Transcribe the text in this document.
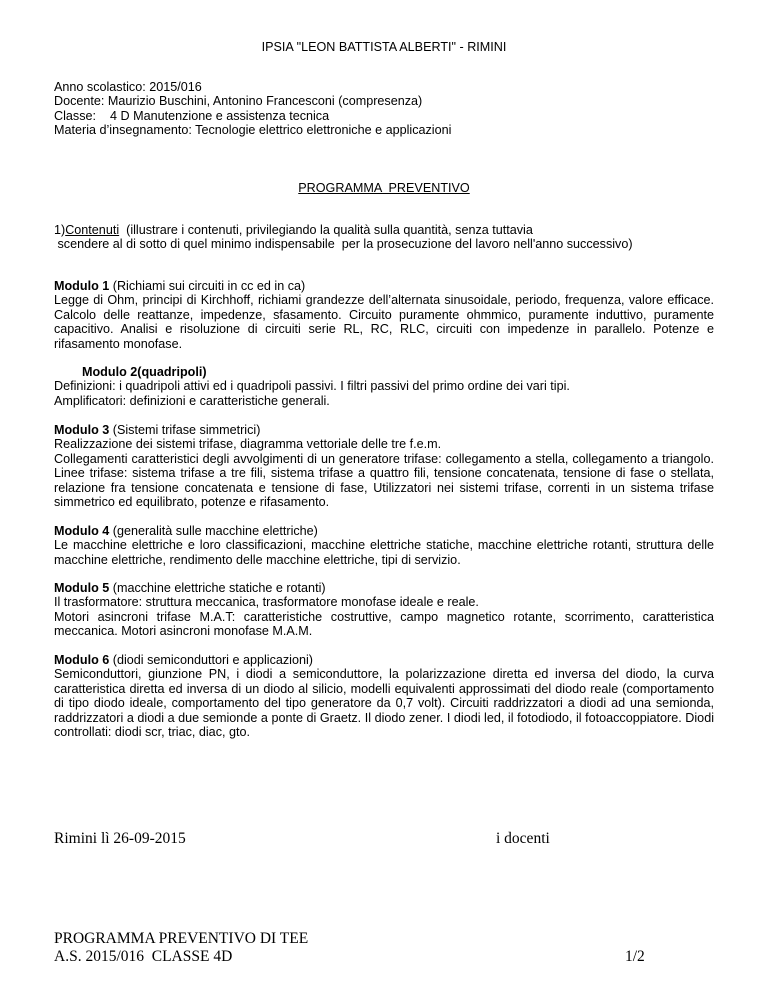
IPSIA "LEON BATTISTA ALBERTI" - RIMINI

Anno scolastico: 2015/016

Docente: Maurizio Buschini, Antonino Francesconi (compresenza)

Classe:    4 D Manutenzione e assistenza tecnica

Materia d’insegnamento: Tecnologie elettrico elettroniche e applicazioni

PROGRAMMA  PREVENTIVO

1)Contenuti  (illustrare i contenuti, privilegiando la qualità sulla quantità, senza tuttavia

scendere al di sotto di quel minimo indispensabile  per la prosecuzione del lavoro nell'anno successivo)

Modulo 1 (Richiami sui circuiti in cc ed in ca)

Legge di Ohm, principi di Kirchhoff, richiami grandezze dell’alternata sinusoidale, periodo, frequenza, valore efficace. Calcolo delle reattanze, impedenze, sfasamento. Circuito puramente ohmmico, puramente induttivo, puramente capacitivo. Analisi e risoluzione di circuiti serie RL, RC, RLC, circuiti con impedenze in parallelo. Potenze e rifasamento monofase.

Modulo 2(quadripoli)

Definizioni: i quadripoli attivi ed i quadripoli passivi. I filtri passivi del primo ordine dei vari tipi.

Amplificatori: definizioni e caratteristiche generali.

Modulo 3 (Sistemi trifase simmetrici)

Realizzazione dei sistemi trifase, diagramma vettoriale delle tre f.e.m.

Collegamenti caratteristici degli avvolgimenti di un generatore trifase: collegamento a stella, collegamento a triangolo. Linee trifase: sistema trifase a tre fili, sistema trifase a quattro fili, tensione concatenata, tensione di fase o stellata, relazione fra tensione concatenata e tensione di fase, Utilizzatori nei sistemi trifase, correnti in un sistema trifase simmetrico ed equilibrato, potenze e rifasamento.

Modulo 4 (generalità sulle macchine elettriche)

Le macchine elettriche e loro classificazioni, macchine elettriche statiche, macchine elettriche rotanti, struttura delle macchine elettriche, rendimento delle macchine elettriche, tipi di servizio.

Modulo 5 (macchine elettriche statiche e rotanti)

Il trasformatore: struttura meccanica, trasformatore monofase ideale e reale.

Motori asincroni trifase M.A.T: caratteristiche costruttive, campo magnetico rotante, scorrimento, caratteristica meccanica. Motori asincroni monofase M.A.M.

Modulo 6 (diodi semiconduttori e applicazioni)

Semiconduttori, giunzione PN, i diodi a semiconduttore, la polarizzazione diretta ed inversa del diodo, la curva caratteristica diretta ed inversa di un diodo al silicio, modelli equivalenti approssimati del diodo reale (comportamento di tipo diodo ideale, comportamento del tipo generatore da 0,7 volt). Circuiti raddrizzatori a diodi ad una semionda, raddrizzatori a diodi a due semionde a ponte di Graetz. Il diodo zener. I diodi led, il fotodiodo, il fotoaccoppiatore. Diodi controllati: diodi scr, triac, diac, gto.

Rimini lì 26-09-2015	i docenti
PROGRAMMA PREVENTIVO DI TEE
A.S. 2015/016  CLASSE 4D	1/2
